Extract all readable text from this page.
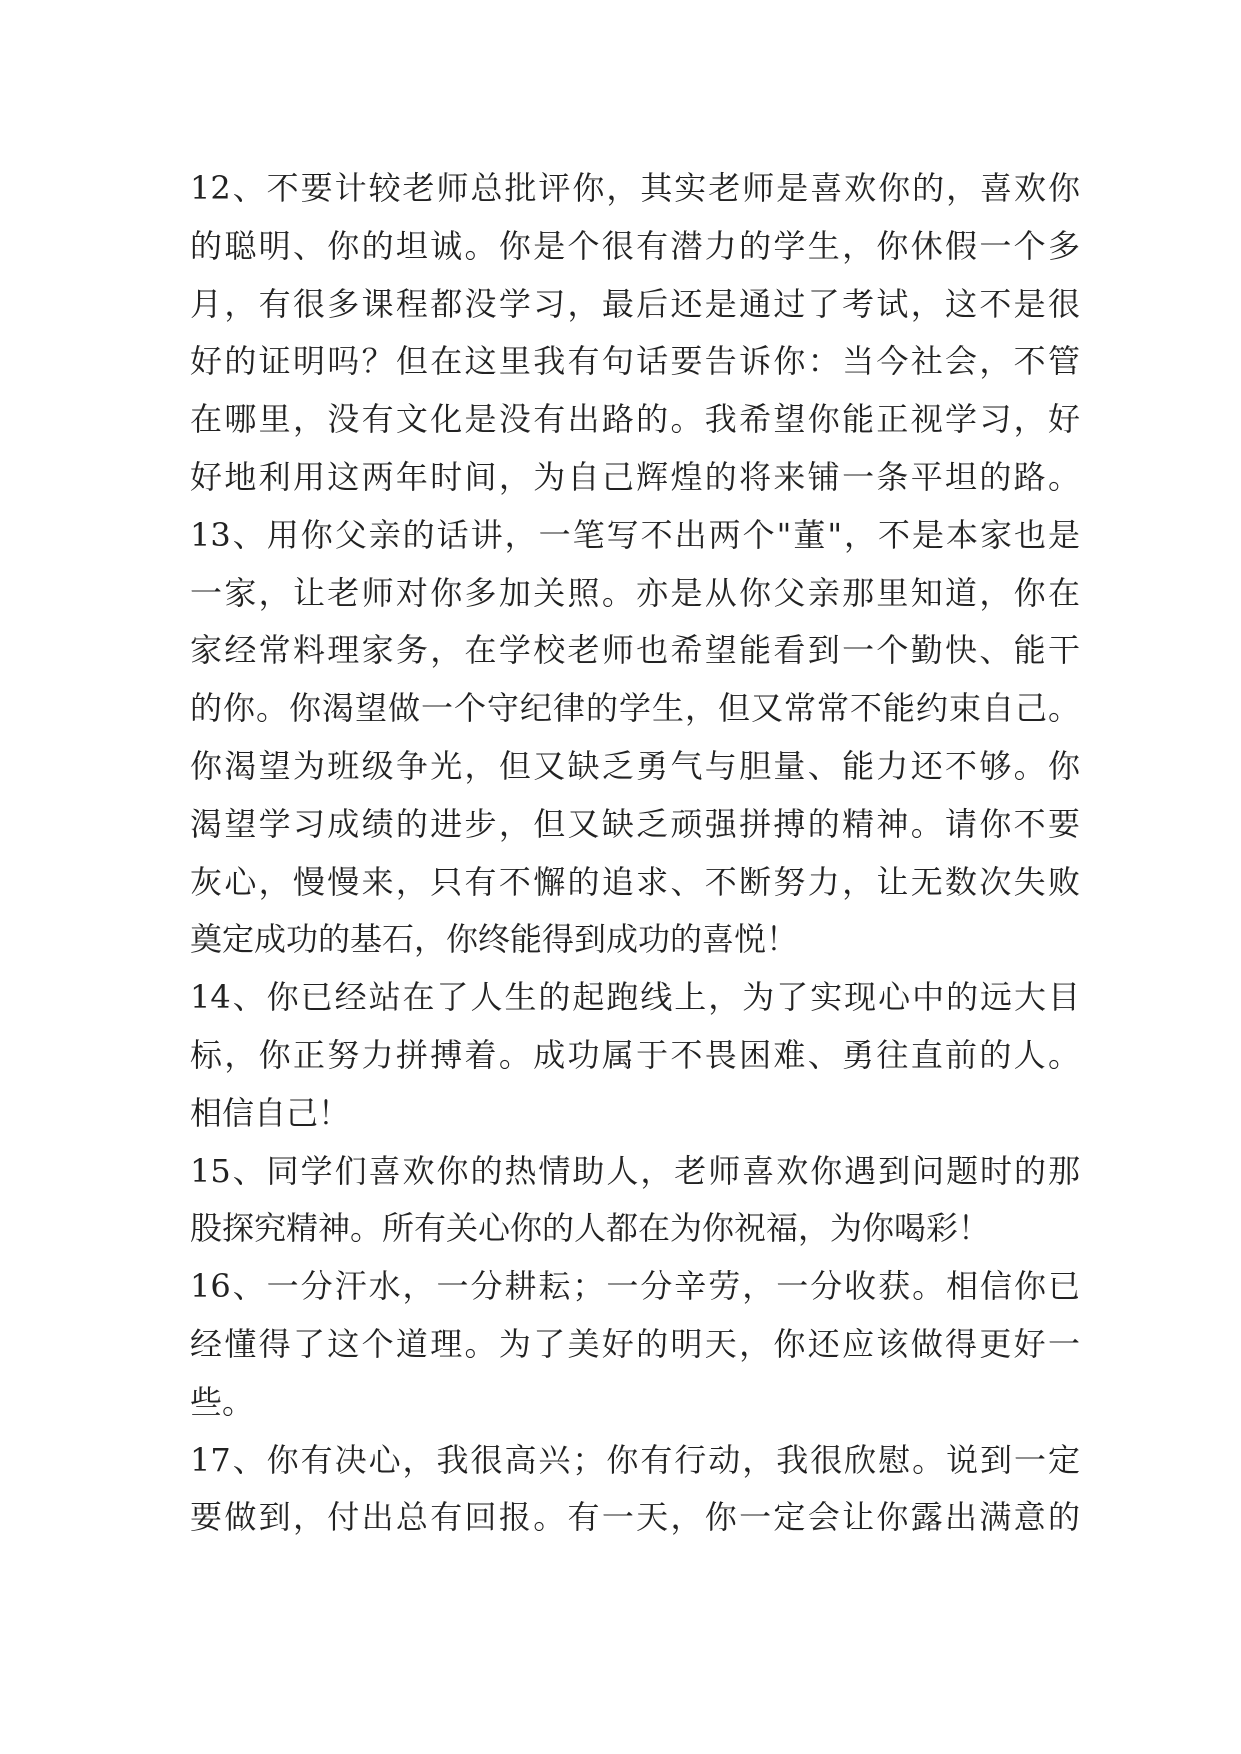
12、不要计较老师总批评你，其实老师是喜欢你的，喜欢你
的聪明、你的坦诚。你是个很有潜力的学生，你休假一个多
月，有很多课程都没学习，最后还是通过了考试，这不是很
好的证明吗？但在这里我有句话要告诉你：当今社会，不管
在哪里，没有文化是没有出路的。我希望你能正视学习，好
好地利用这两年时间，为自己辉煌的将来铺一条平坦的路。
13、用你父亲的话讲，一笔写不出两个"董"，不是本家也是
一家，让老师对你多加关照。亦是从你父亲那里知道，你在
家经常料理家务，在学校老师也希望能看到一个勤快、能干
的你。你渴望做一个守纪律的学生，但又常常不能约束自己。
你渴望为班级争光，但又缺乏勇气与胆量、能力还不够。你
渴望学习成绩的进步，但又缺乏顽强拼搏的精神。请你不要
灰心，慢慢来，只有不懈的追求、不断努力，让无数次失败
奠定成功的基石，你终能得到成功的喜悦！
14、你已经站在了人生的起跑线上，为了实现心中的远大目
标，你正努力拼搏着。成功属于不畏困难、勇往直前的人。
相信自己！
15、同学们喜欢你的热情助人，老师喜欢你遇到问题时的那
股探究精神。所有关心你的人都在为你祝福，为你喝彩！
16、一分汗水，一分耕耘；一分辛劳，一分收获。相信你已
经懂得了这个道理。为了美好的明天，你还应该做得更好一
些。
17、你有决心，我很高兴；你有行动，我很欣慰。说到一定
要做到，付出总有回报。有一天，你一定会让你露出满意的
